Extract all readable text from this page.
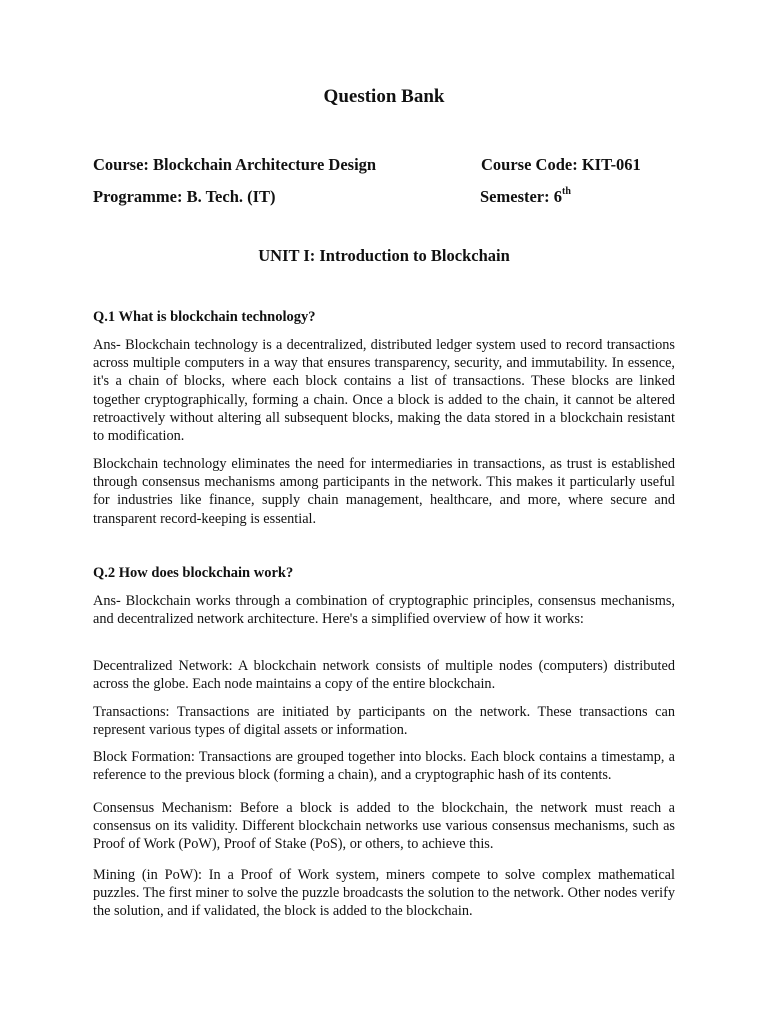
Question Bank
Course: Blockchain Architecture Design	Course Code: KIT-061
Programme: B. Tech. (IT)	Semester: 6th
UNIT I: Introduction to Blockchain
Q.1 What is blockchain technology?

Ans- Blockchain technology is a decentralized, distributed ledger system used to record transactions across multiple computers in a way that ensures transparency, security, and immutability. In essence, it's a chain of blocks, where each block contains a list of transactions. These blocks are linked together cryptographically, forming a chain. Once a block is added to the chain, it cannot be altered retroactively without altering all subsequent blocks, making the data stored in a blockchain resistant to modification.

Blockchain technology eliminates the need for intermediaries in transactions, as trust is established through consensus mechanisms among participants in the network. This makes it particularly useful for industries like finance, supply chain management, healthcare, and more, where secure and transparent record-keeping is essential.

Q.2 How does blockchain work?

Ans- Blockchain works through a combination of cryptographic principles, consensus mechanisms, and decentralized network architecture. Here's a simplified overview of how it works:

Decentralized Network: A blockchain network consists of multiple nodes (computers) distributed across the globe. Each node maintains a copy of the entire blockchain.

Transactions: Transactions are initiated by participants on the network. These transactions can represent various types of digital assets or information.

Block Formation: Transactions are grouped together into blocks. Each block contains a timestamp, a reference to the previous block (forming a chain), and a cryptographic hash of its contents.

Consensus Mechanism: Before a block is added to the blockchain, the network must reach a consensus on its validity. Different blockchain networks use various consensus mechanisms, such as Proof of Work (PoW), Proof of Stake (PoS), or others, to achieve this.

Mining (in PoW): In a Proof of Work system, miners compete to solve complex mathematical puzzles. The first miner to solve the puzzle broadcasts the solution to the network. Other nodes verify the solution, and if validated, the block is added to the blockchain.
